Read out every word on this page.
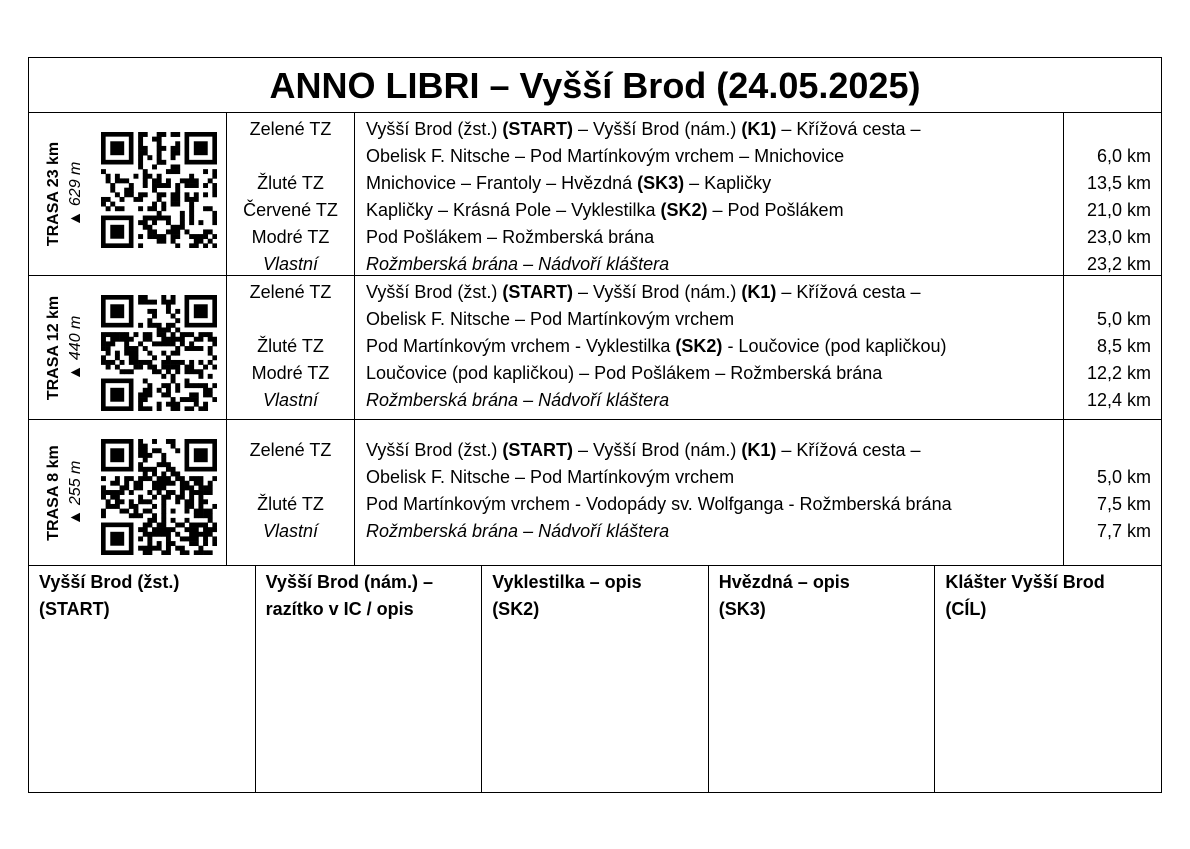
ANNO LIBRI – Vyšší Brod (24.05.2025)
TRASA 23 km ▲ 629 m
Zelené TZ
Žluté TZ
Červené TZ
Modré TZ
Vlastní
Vyšší Brod (žst.) (START) – Vyšší Brod (nám.) (K1) – Křížová cesta –
Obelisk F. Nitsche – Pod Martínkovým vrchem – Mnichovice
Mnichovice – Frantoly – Hvězdná (SK3) – Kapličky
Kapličky – Krásná Pole – Vyklestilka (SK2) – Pod Pošlákem
Pod Pošlákem – Rožmberská brána
Rožmberská brána – Nádvoří kláštera
6,0 km
13,5 km
21,0 km
23,0 km
23,2 km
TRASA 12 km ▲ 440 m
Zelené TZ
Žluté TZ
Modré TZ
Vlastní
Vyšší Brod (žst.) (START) – Vyšší Brod (nám.) (K1) – Křížová cesta –
Obelisk F. Nitsche – Pod Martínkovým vrchem
Pod Martínkovým vrchem - Vyklestilka (SK2) - Loučovice (pod kapličkou)
Loučovice (pod kapličkou) – Pod Pošlákem – Rožmberská brána
Rožmberská brána – Nádvoří kláštera
5,0 km
8,5 km
12,2 km
12,4 km
TRASA 8 km ▲ 255 m
Zelené TZ
Žluté TZ
Vlastní
Vyšší Brod (žst.) (START) – Vyšší Brod (nám.) (K1) – Křížová cesta –
Obelisk F. Nitsche – Pod Martínkovým vrchem
Pod Martínkovým vrchem - Vodopády sv. Wolfganga - Rožmberská brána
Rožmberská brána – Nádvoří kláštera
5,0 km
7,5 km
7,7 km
Vyšší Brod (žst.)
(START)
Vyšší Brod (nám.) –
razítko v IC / opis
Vyklestilka – opis
(SK2)
Hvězdná – opis
(SK3)
Klášter Vyšší Brod
(CÍL)
